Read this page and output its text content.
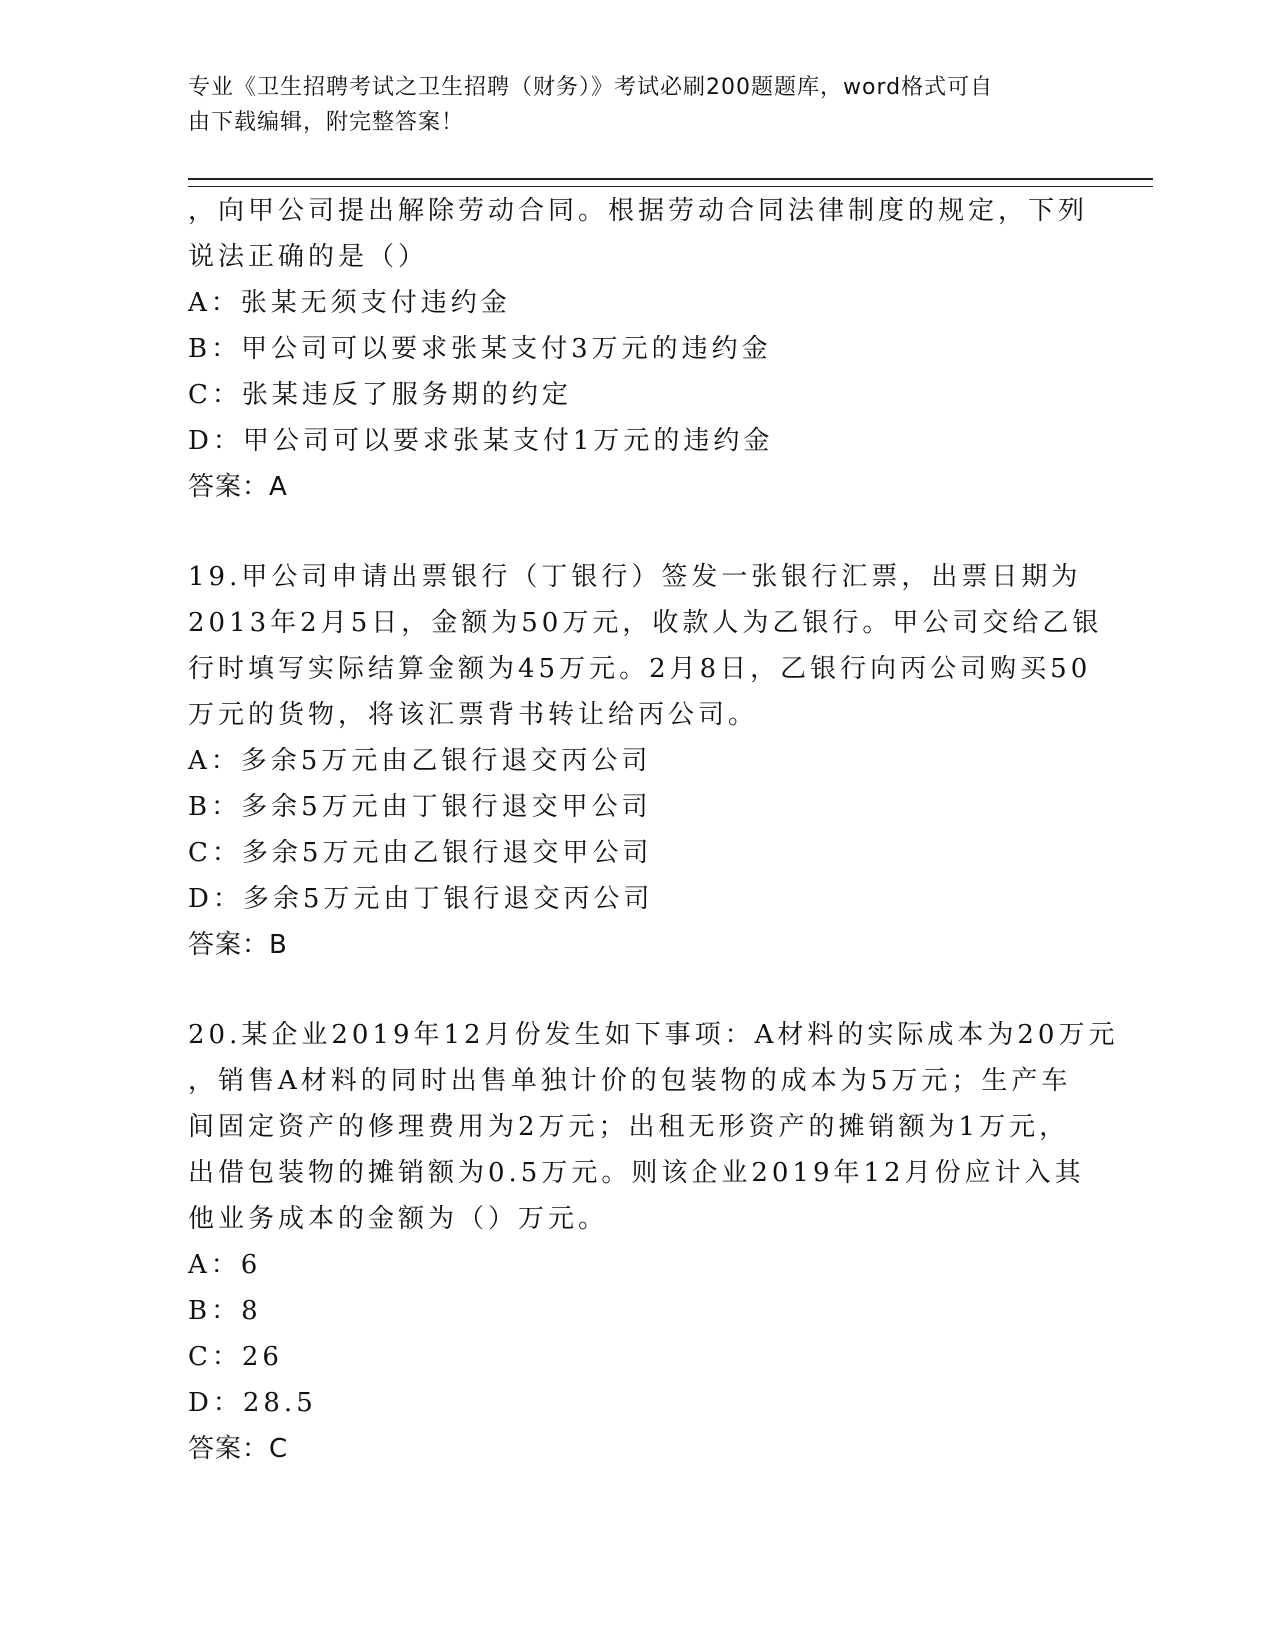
专业《卫生招聘考试之卫生招聘（财务）》考试必刷200题题库，word格式可自
由下载编辑，附完整答案！
，向甲公司提出解除劳动合同。根据劳动合同法律制度的规定，下列
说法正确的是（）
A：张某无须支付违约金
B：甲公司可以要求张某支付3万元的违约金
C：张某违反了服务期的约定
D：甲公司可以要求张某支付1万元的违约金
答案：A
19.甲公司申请出票银行（丁银行）签发一张银行汇票，出票日期为
2013年2月5日，金额为50万元，收款人为乙银行。甲公司交给乙银
行时填写实际结算金额为45万元。2月8日，乙银行向丙公司购买50
万元的货物，将该汇票背书转让给丙公司。
A：多余5万元由乙银行退交丙公司
B：多余5万元由丁银行退交甲公司
C：多余5万元由乙银行退交甲公司
D：多余5万元由丁银行退交丙公司
答案：B
20.某企业2019年12月份发生如下事项：A材料的实际成本为20万元
，销售A材料的同时出售单独计价的包装物的成本为5万元；生产车
间固定资产的修理费用为2万元；出租无形资产的摊销额为1万元，
出借包装物的摊销额为0.5万元。则该企业2019年12月份应计入其
他业务成本的金额为（）万元。
A：6
B：8
C：26
D：28.5
答案：C
